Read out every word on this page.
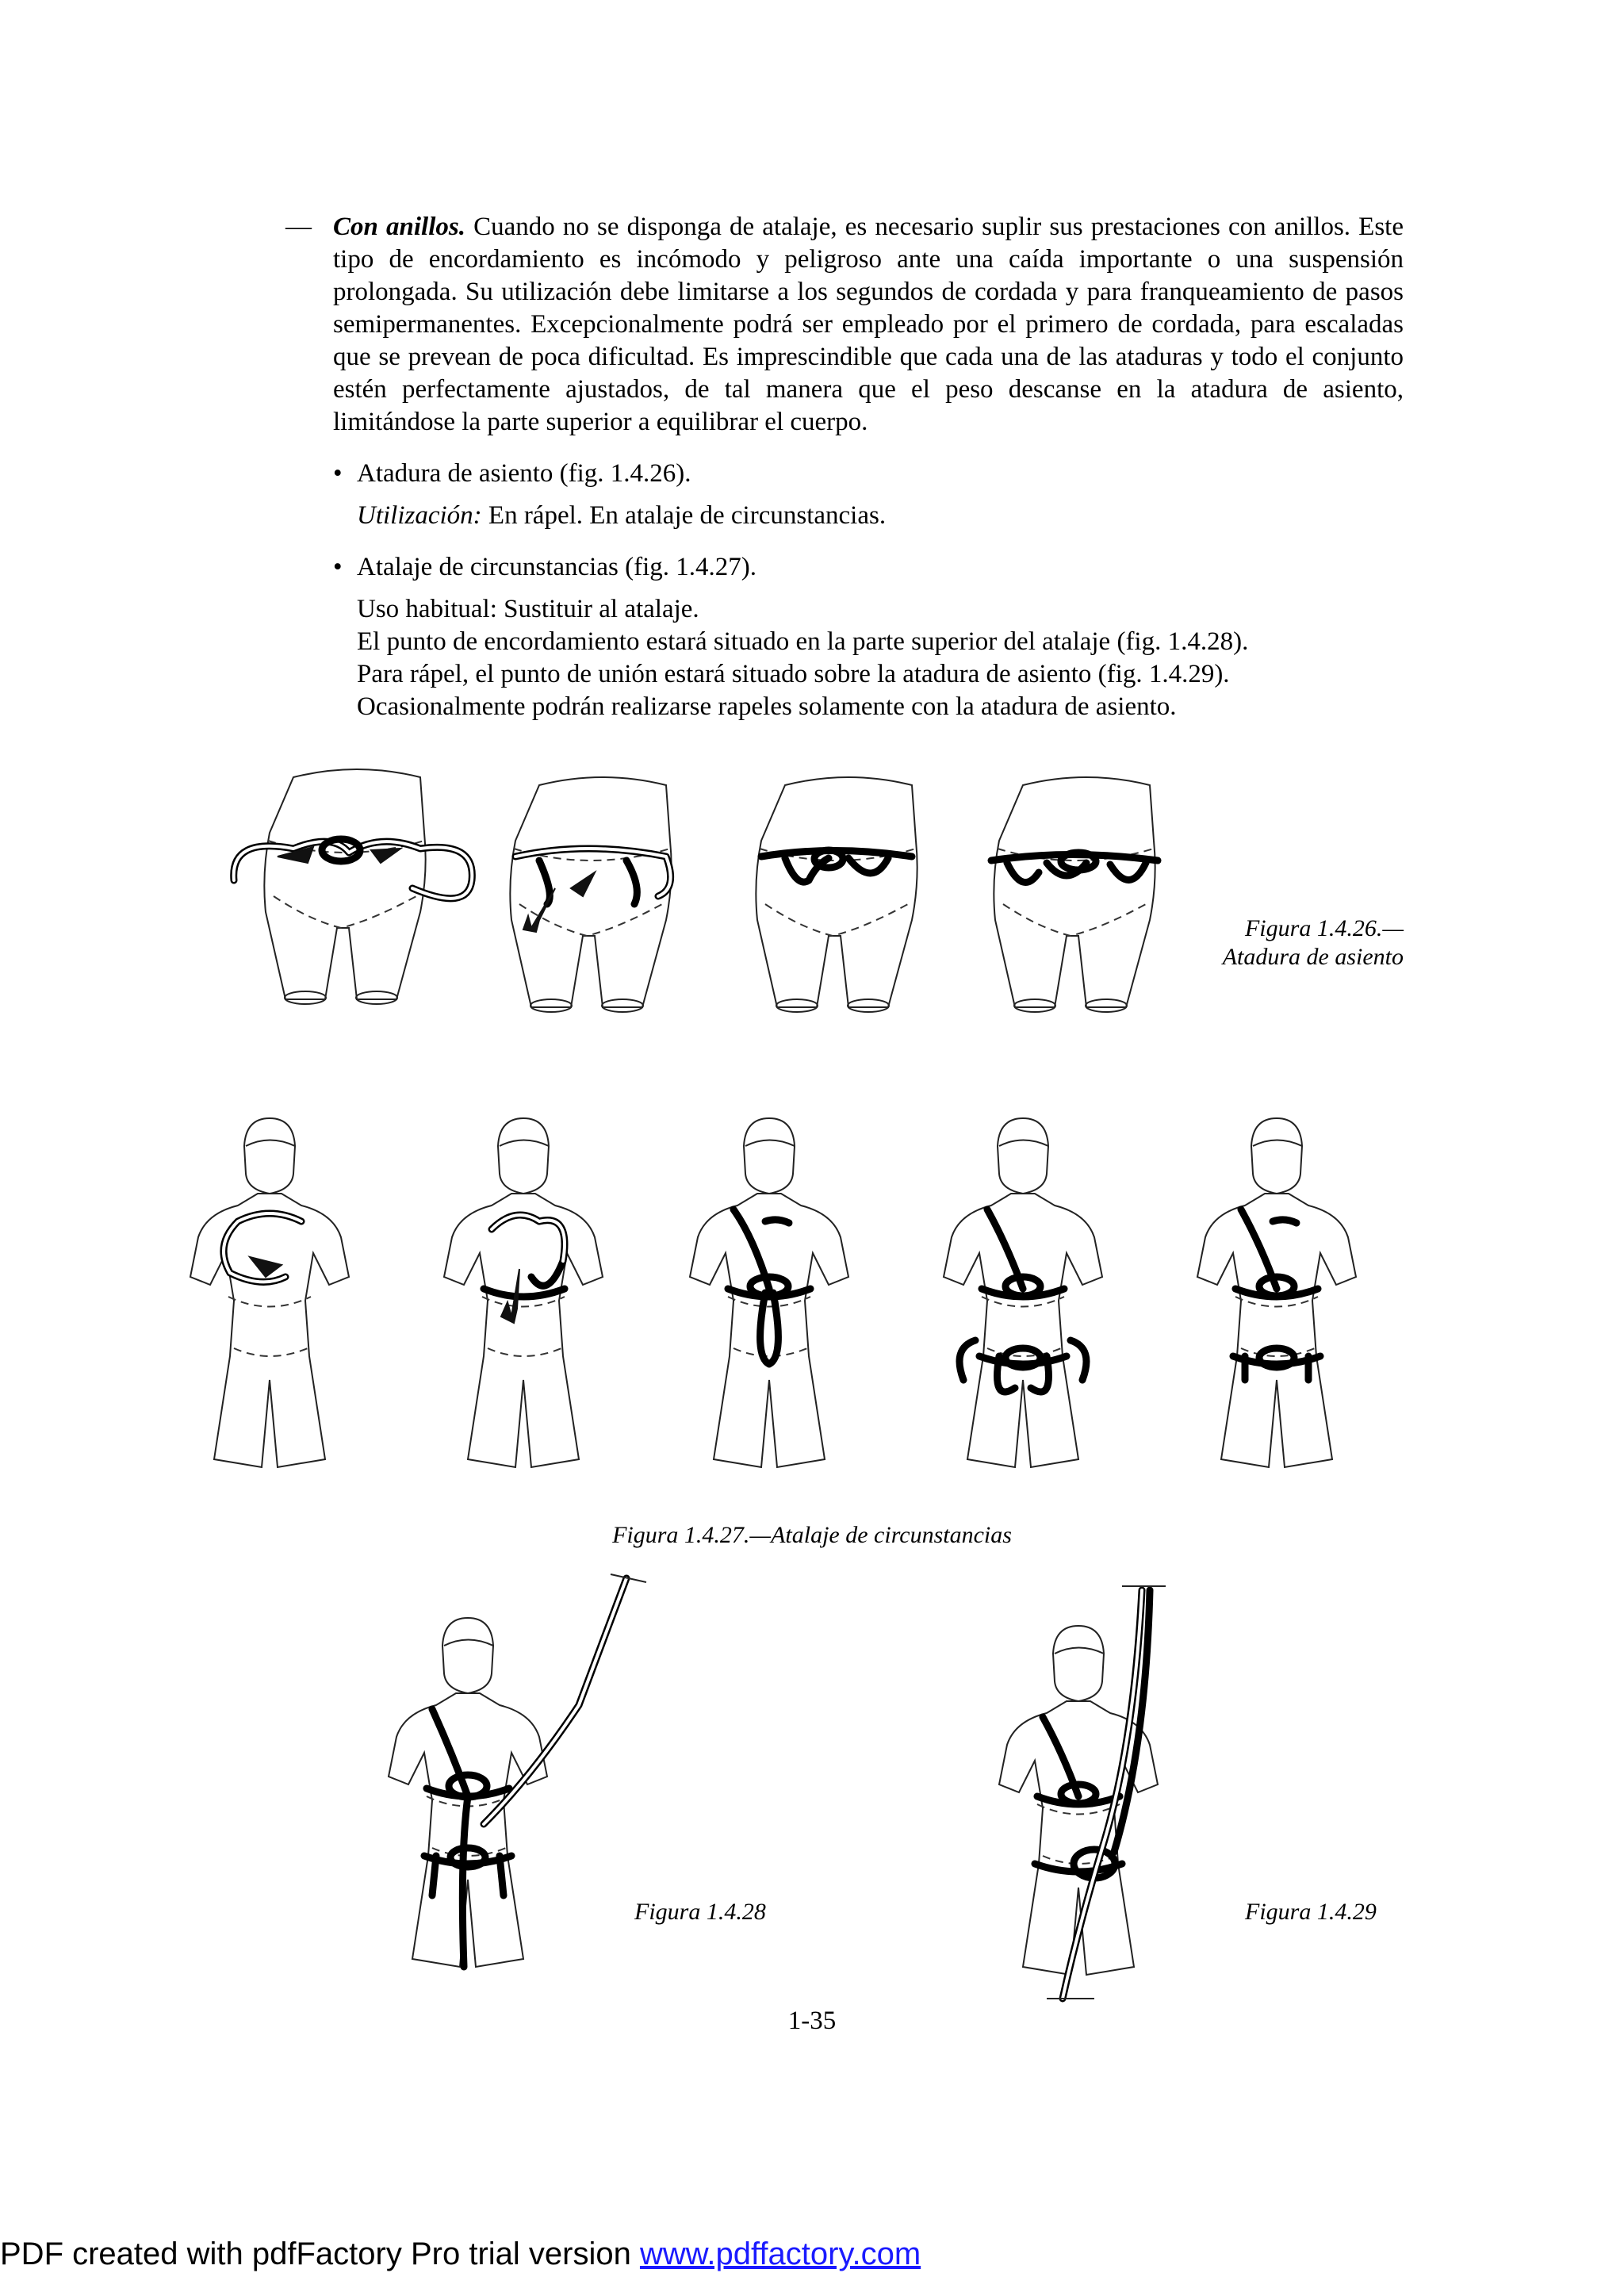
— Con anillos. Cuando no se disponga de atalaje, es necesario suplir sus prestaciones con anillos. Este tipo de encordamiento es incómodo y peligroso ante una caída importante o una suspensión prolongada. Su utilización debe limitarse a los segundos de cordada y para franqueamiento de pasos semipermanentes. Excepcionalmente podrá ser empleado por el primero de cordada, para escaladas que se prevean de poca dificultad. Es imprescindible que cada una de las ataduras y todo el conjunto estén perfectamente ajustados, de tal manera que el peso descanse en la atadura de asiento, limitándose la parte superior a equilibrar el cuerpo.
• Atadura de asiento (fig. 1.4.26).
Utilización: En rápel. En atalaje de circunstancias.
• Atalaje de circunstancias (fig. 1.4.27).
Uso habitual: Sustituir al atalaje.
El punto de encordamiento estará situado en la parte superior del atalaje (fig. 1.4.28).
Para rápel, el punto de unión estará situado sobre la atadura de asiento (fig. 1.4.29).
Ocasionalmente podrán realizarse rapeles solamente con la atadura de asiento.
Figura 1.4.26.—
Atadura de asiento
Figura 1.4.27.—Atalaje de circunstancias
Figura 1.4.28	Figura 1.4.29
1-35
PDF created with pdfFactory Pro trial version www.pdffactory.com
